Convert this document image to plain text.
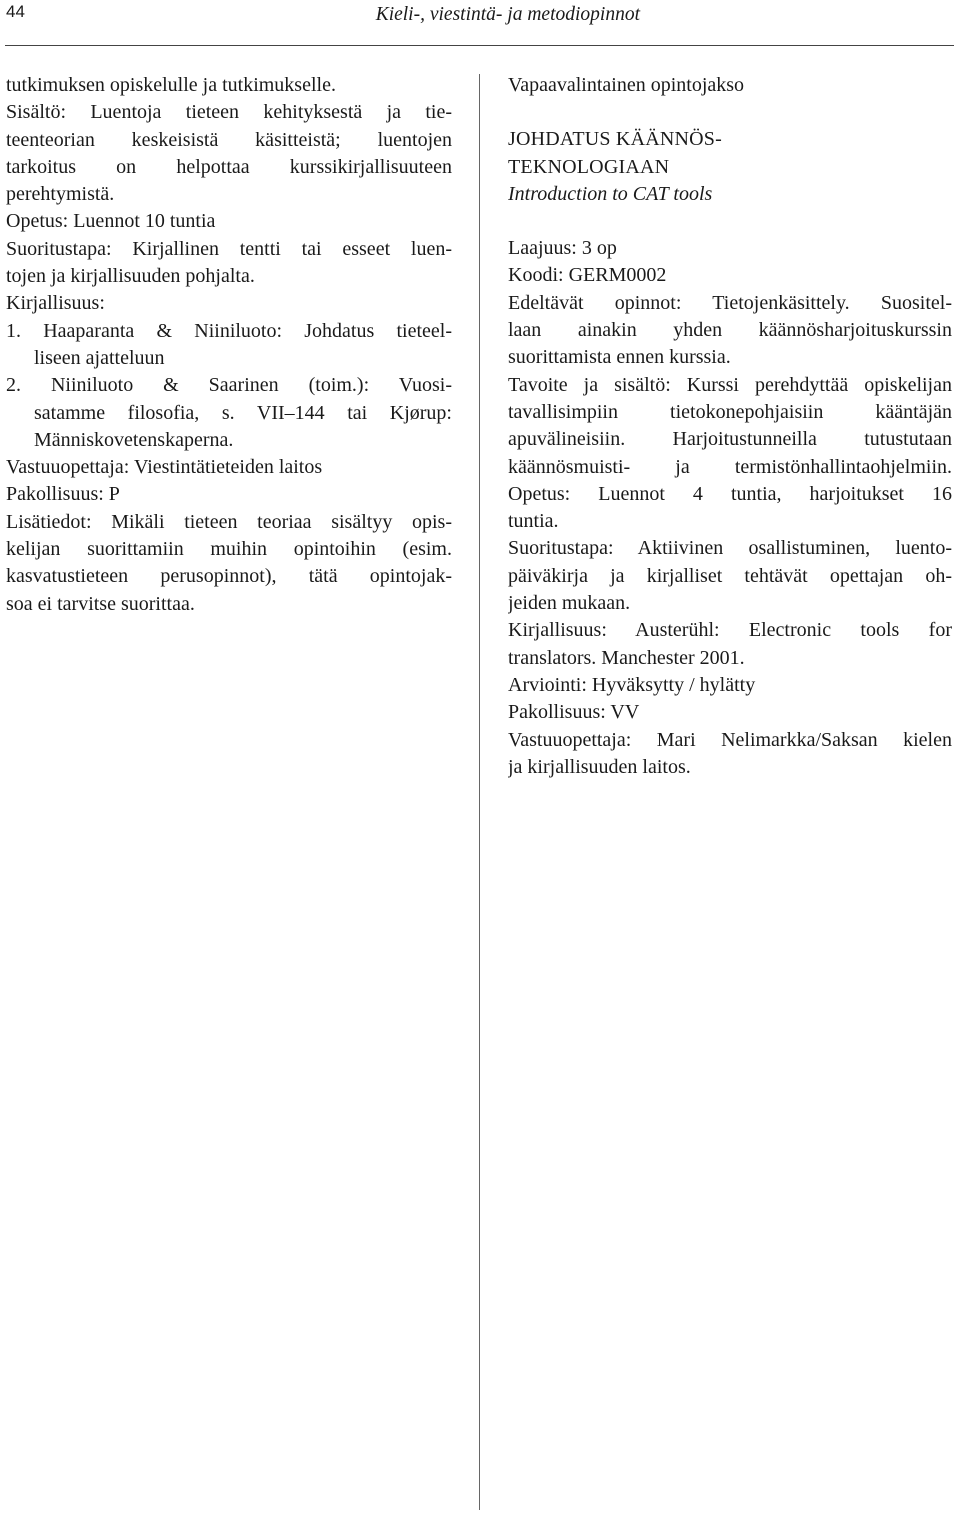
44	Kieli-, viestintä- ja metodiopinnot
tutkimuksen opiskelulle ja tutkimukselle.
Sisältö: Luentoja tieteen kehityksestä ja tie-
teenteorian keskeisistä käsitteistä; luentojen
tarkoitus on helpottaa kurssikirjallisuuteen
perehtymistä.
Opetus: Luennot 10 tuntia
Suoritustapa: Kirjallinen tentti tai esseet luen-
tojen ja kirjallisuuden pohjalta.
Kirjallisuus:
1. Haaparanta & Niiniluoto: Johdatus tieteel-
liseen ajatteluun
2. Niiniluoto & Saarinen (toim.): Vuosi-
satamme filosofia, s. VII–144 tai Kjørup:
Människovetenskaperna.
Vastuuopettaja: Viestintätieteiden laitos
Pakollisuus: P
Lisätiedot: Mikäli tieteen teoriaa sisältyy opis-
kelijan suorittamiin muihin opintoihin (esim.
kasvatustieteen perusopinnot), tätä opintojak-
soa ei tarvitse suorittaa.
Vapaavalintainen opintojakso
JOHDATUS KÄÄNNÖS-
TEKNOLOGIAAN
Introduction to CAT tools
Laajuus: 3 op
Koodi: GERM0002
Edeltävät opinnot: Tietojenkäsittely. Suositel-
laan ainakin yhden käännösharjoituskurssin
suorittamista ennen kurssia.
Tavoite ja sisältö: Kurssi perehdyttää opiskelijan
tavallisimpiin tietokonepohjaisiin kääntäjän
apuvälineisiin. Harjoitustunneilla tutustutaan
käännösmuisti- ja termistönhallintaohjelmiin.
Opetus: Luennot 4 tuntia, harjoitukset 16
tuntia.
Suoritustapa: Aktiivinen osallistuminen, luento-
päiväkirja ja kirjalliset tehtävät opettajan oh-
jeiden mukaan.
Kirjallisuus: Austerühl: Electronic tools for
translators. Manchester 2001.
Arviointi: Hyväksytty / hylätty
Pakollisuus: VV
Vastuuopettaja: Mari Nelimarkka/Saksan kielen
ja kirjallisuuden laitos.
